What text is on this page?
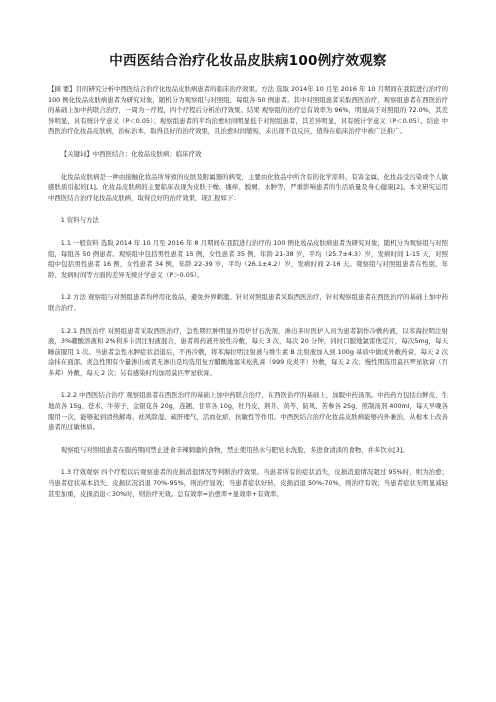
中西医结合治疗化妆品皮肤病100例疗效观察

【摘 要】目的研究分析中西医结合治疗化妆品皮肤病患者的临床治疗效果。方法 选取 2014年 10 月至 2016 年 10 月期间在我院进行治疗的 100 例化妆品皮肤病患者为研究对象，随机分为观察组与对照组，每组各 50 例患者。其中对照组患者采取西医治疗，观察组患者在西医治疗的基础上加中药联合治疗，一周为一疗程，四个疗程后分析治疗效果。结果 观察组的治疗总有效率为 96%，明显高于对照组的 72.0%，其差异明显，具有统计学意义（P＜0.05）；观察组患者的平均治愈时间明显低于对照组患者，其差异明显，具有统计学意义（P＜0.05）。结论 中西医治疗化妆品皮肤病，治标治本，取得良好的治疗效果，且治愈时间缩短，未出现不良反应，值得在临床治疗中被广泛推广。

【关键词】中西医结合；化妆品皮肤病；临床疗效

化妆品皮肤病是一种由接触化妆品所导致的皮肤及附属器的病变，主要由化妆品中所含有的化学原料、有害金属、化妆品受污染或个人敏感肤质引起的[1]。化妆品皮肤病的主要临床表现为皮肤干燥、瘙痒、脱屑、水肿等，严重影响患者的生活质量及身心健康[2]。本文研究运用中西医结合治疗化妆品皮肤病，取得良好的治疗效果，现汇报如下：

1 资料与方法

1.1 一般资料 选取 2014 年 10 月至 2016 年 8 月期间在我院进行治疗的 100 例化妆品皮肤病患者为研究对象，随机分为观察组与对照组，每组各 50 例患者。观察组中包括男性患者 15 例，女性患者 35 例，年龄 21-38 岁，平均（25.7±4.3）岁，发病时间 1-15 天，对照组中包括男性患者 16 例，女性患者 34 例，年龄 22-39 岁，平均（26.1±4.2）岁，发病时间 2-16 天。观察组与对照组患者在性别、年龄、发病时间等方面的差异无统计学意义（P＞0.05）。

1.2 方法 观察组与对照组患者均停用化妆品，避免外界刺激。针对对照组患者采取西医治疗，针对观察组患者在西医治疗的基础上加中药联合治疗。

1.2.1 西医治疗 对照组患者采取西医治疗，急性期红肿明显外用炉甘石洗剂，渗出多时医护人员为患者制作冷敷药液，以苯海拉明注射液，3%硼酸溶液和 2%利多卡因注射液混合，患者将药液开放性冷敷，每天 3 次，每次 20 分钟，同时口服地氯雷他定片，每次5mg，每天睡前服用 1 次。当患者急性水肿症状消退后，不再冷敷，将苯海拉明注射液与维生素 B 注射液加入到 100g 基质中做成外敷药膏，每天 2 次涂抹在面部。炎急性期有少量渗出或者无渗出是均选用复方醋酸地塞米松乳膏（999 皮炎平）外敷，每天 2 次；慢性期选用莫匹罗星软膏（百多邦）外敷，每天 2 次；另有感染时均加用莫匹罗星软膏。

1.2.2 中西医结合治疗 观察组患者在西医治疗的基础上加中药联合治疗，在西医治疗的基础上，加服中药汤剂。中药药方包括白鲜皮、生地黄各 15g、苍术、牛蒡子、金银花各 20g，连翘、甘草各 10g，牡丹皮、荆芥、黄芩、防风、苦参各 25g，煎制汤剂 400ml，每天早晚各服用一次，能够起到清热解毒、祛风除湿、疏肝理气、活血化瘀、抗敏性等作用。中西医结合治疗化妆品皮肤病能够内外兼治，从根本上改善患者的过敏体质。

观察组与对照组患者在服药期间禁止进食辛辣刺激的食物，禁止使用热水与肥皂水洗脸，多进食清淡的食物，并多饮水[3]。

1.3 疗效观察 四个疗程以后观察患者的皮损消退情况等判断治疗效果。当患者所有的症状消失，皮损消退情况超过 95%时，则为治愈；当患者症状基本消失，皮损状况消退 70%-95%，则治疗显效；当患者症状好转，皮损消退 50%-70%，则治疗有效；当患者症状无明显减轻甚至加重，皮损消退＜30%时，则治疗无效。总有效率=治愈率+显效率+有效率。
